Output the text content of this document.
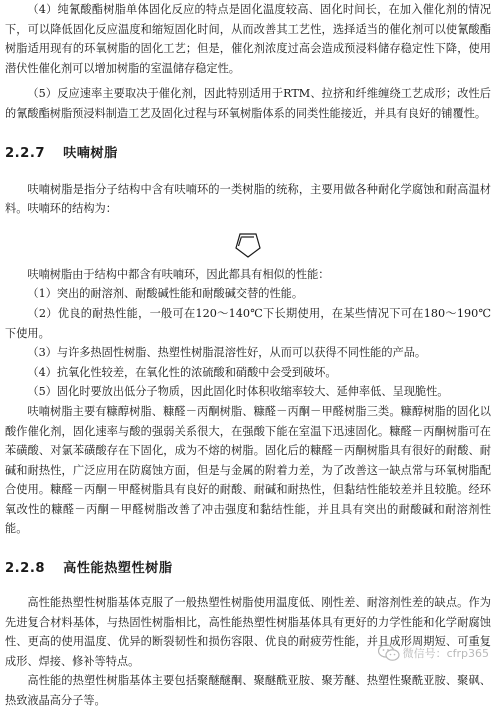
（4）纯氰酸酯树脂单体固化反应的特点是固化温度较高、固化时间长，在加入催化剂的情况下，可以降低固化反应温度和缩短固化时间，从而改善其工艺性，选择适当的催化剂可以使氰酸酯树脂适用现有的环氧树脂的固化工艺；但是，催化剂浓度过高会造成预浸料储存稳定性下降，使用潜伏性催化剂可以增加树脂的室温储存稳定性。

（5）反应速率主要取决于催化剂，因此特别适用于RTM、拉挤和纤维缠绕工艺成形；改性后的氰酸酯树脂预浸料制造工艺及固化过程与环氧树脂体系的同类性能接近，并具有良好的铺覆性。

2.2.7 呋喃树脂

呋喃树脂是指分子结构中含有呋喃环的一类树脂的统称，主要用做各种耐化学腐蚀和耐高温材料。呋喃环的结构为：

呋喃树脂由于结构中都含有呋喃环，因此都具有相似的性能：

（1）突出的耐溶剂、耐酸碱性能和耐酸碱交替的性能。

（2）优良的耐热性能，一般可在120～140℃下长期使用，在某些情况下可在180～190℃下使用。

（3）与许多热固性树脂、热塑性树脂混溶性好，从而可以获得不同性能的产品。

（4）抗氧化性较差，在氧化性的浓硫酸和硝酸中会受到破坏。

（5）固化时要放出低分子物质，因此固化时体积收缩率较大、延伸率低、呈现脆性。

呋喃树脂主要有糠醇树脂、糠醛－丙酮树脂、糠醛－丙酮－甲醛树脂三类。糠醇树脂的固化以酸作催化剂，固化速率与酸的强弱关系很大，在强酸下能在室温下迅速固化。糠醛－丙酮树脂可在苯磺酸、对氯苯磺酸存在下固化，成为不熔的树脂。固化后的糠醛－丙酮树脂具有很好的耐酸、耐碱和耐热性，广泛应用在防腐蚀方面，但是与金属的附着力差，为了改善这一缺点常与环氧树脂配合使用。糠醛－丙酮－甲醛树脂具有良好的耐酸、耐碱和耐热性，但黏结性能较差并且较脆。经环氧改性的糠醛－丙酮－甲醛树脂改善了冲击强度和黏结性能，并且具有突出的耐酸碱和耐溶剂性能。

2.2.8 高性能热塑性树脂

高性能热塑性树脂基体克服了一般热塑性树脂使用温度低、刚性差、耐溶剂性差的缺点。作为先进复合材料基体，与热固性树脂相比，高性能热塑性树脂基体具有更好的力学性能和化学耐腐蚀性、更高的使用温度、优异的断裂韧性和损伤容限、优良的耐疲劳性能，并且成形周期短、可重复成形、焊接、修补等特点。

高性能的热塑性树脂基体主要包括聚醚醚酮、聚醚酰亚胺、聚芳醚、热塑性聚酰亚胺、聚砜、热致液晶高分子等。

微信号：cfrp365
